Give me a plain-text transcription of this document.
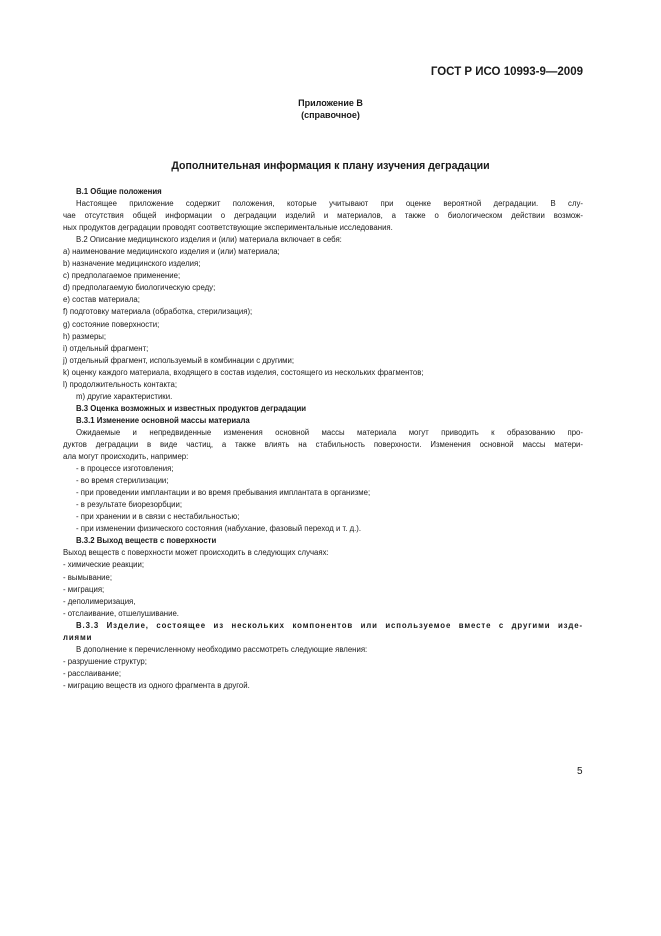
ГОСТ Р ИСО 10993-9—2009
Приложение В
(справочное)
Дополнительная информация к плану изучения деградации
В.1 Общие положения
Настоящее приложение содержит положения, которые учитывают при оценке вероятной деградации. В слу-
чае отсутствия общей информации о деградации изделий и материалов, а также о биологическом действии возмож-
ных продуктов деградации проводят соответствующие экспериментальные исследования.
В.2 Описание медицинского изделия и (или) материала включает в себя:
a) наименование медицинского изделия и (или) материала;
b) назначение медицинского изделия;
c) предполагаемое применение;
d) предполагаемую биологическую среду;
e) состав материала;
f) подготовку материала (обработка, стерилизация);
g) состояние поверхности;
h) размеры;
i) отдельный фрагмент;
j) отдельный фрагмент, используемый в комбинации с другими;
k) оценку каждого материала, входящего в состав изделия, состоящего из нескольких фрагментов;
l) продолжительность контакта;
m) другие характеристики.
В.3 Оценка возможных и известных продуктов деградации
В.3.1 Изменение основной массы материала
Ожидаемые и непредвиденные изменения основной массы материала могут приводить к образованию про-
дуктов деградации в виде частиц, а также влиять на стабильность поверхности. Изменения основной массы матери-
ала могут происходить, например:
- в процессе изготовления;
- во время стерилизации;
- при проведении имплантации и во время пребывания имплантата в организме;
- в результате биорезорбции;
- при хранении и в связи с нестабильностью;
- при изменении физического состояния (набухание, фазовый переход и т. д.).
В.3.2 Выход веществ с поверхности
Выход веществ с поверхности может происходить в следующих случаях:
- химические реакции;
- вымывание;
- миграция;
- деполимеризация,
- отслаивание, отшелушивание.
В.3.3 Изделие, состоящее из нескольких компонентов или используемое вместе с другими изде-
лиями
В дополнение к перечисленному необходимо рассмотреть следующие явления:
- разрушение структур;
- расслаивание;
- миграцию веществ из одного фрагмента в другой.
5
